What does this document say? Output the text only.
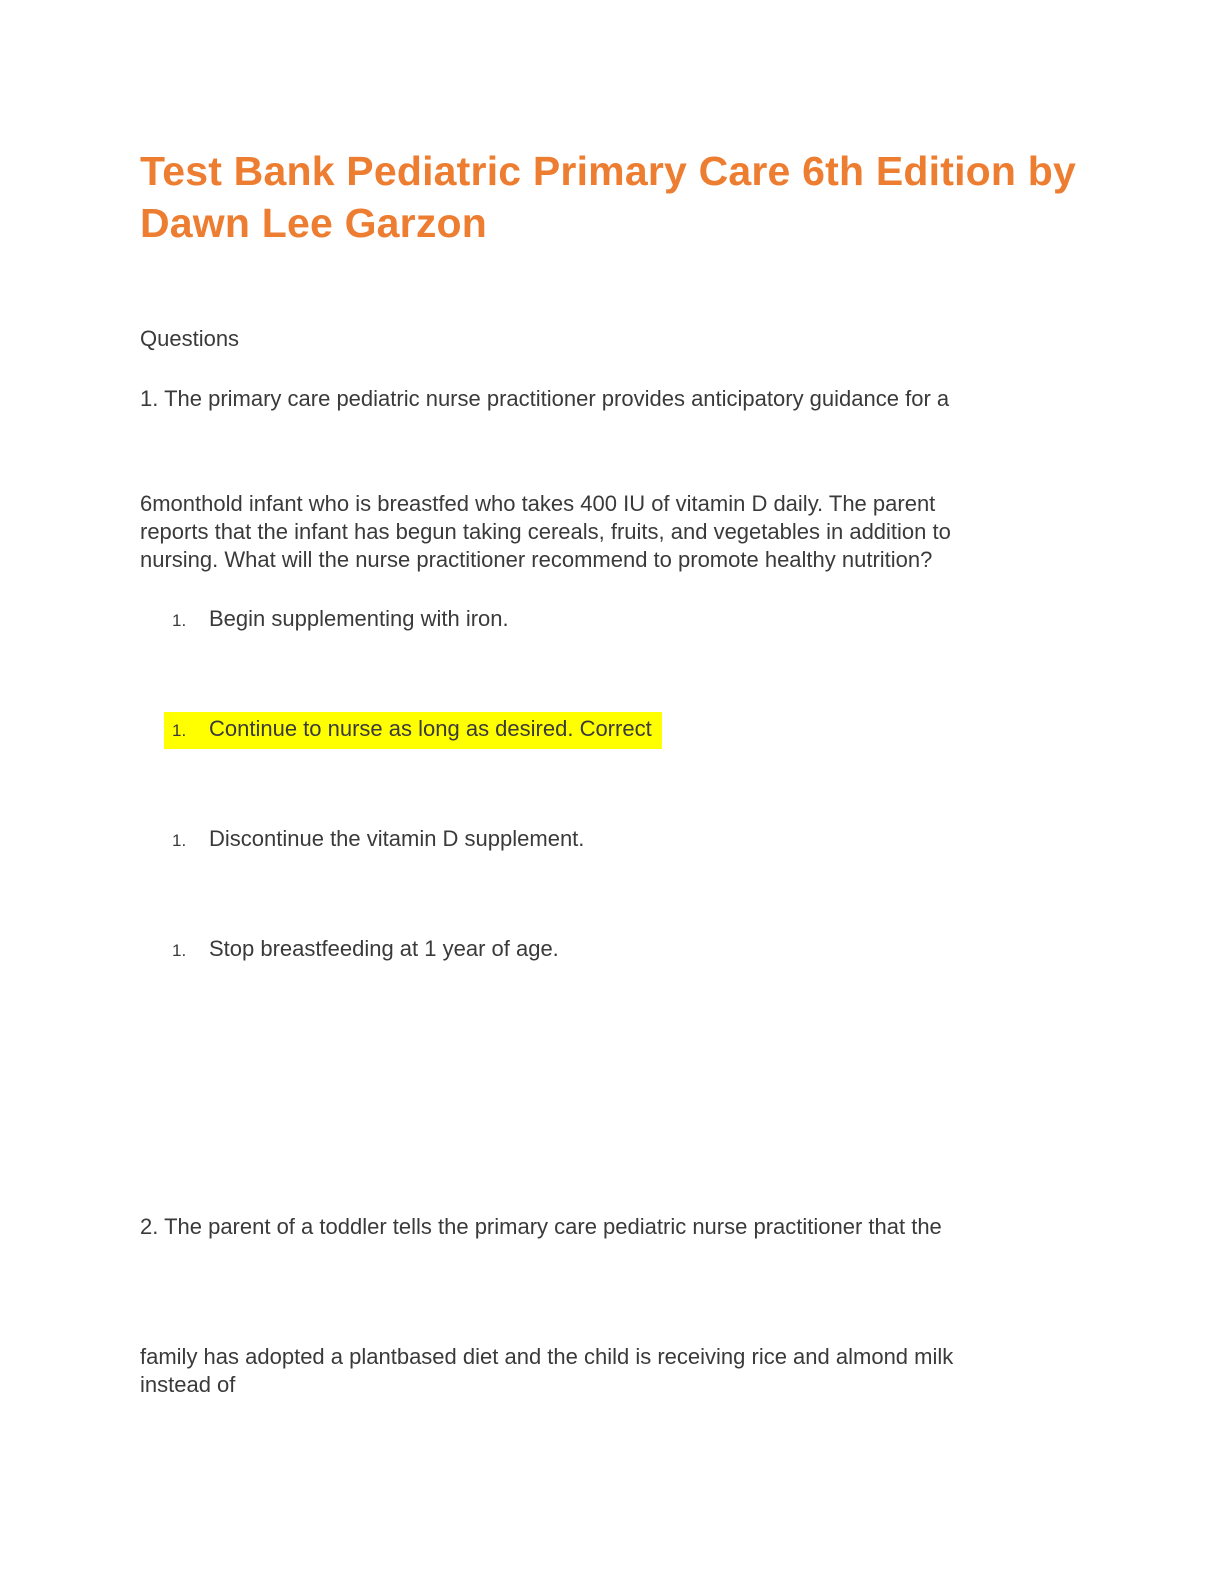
Test Bank Pediatric Primary Care 6th Edition by
Dawn Lee Garzon
Questions
1. The primary care pediatric nurse practitioner provides anticipatory guidance for a
6monthold infant who is breastfed who takes 400 IU of vitamin D daily. The parent
reports that the infant has begun taking cereals, fruits, and vegetables in addition to
nursing. What will the nurse practitioner recommend to promote healthy nutrition?
1. Begin supplementing with iron.
1. Continue to nurse as long as desired. Correct
1. Discontinue the vitamin D supplement.
1. Stop breastfeeding at 1 year of age.
2. The parent of a toddler tells the primary care pediatric nurse practitioner that the
family has adopted a plantbased diet and the child is receiving rice and almond milk
instead of
